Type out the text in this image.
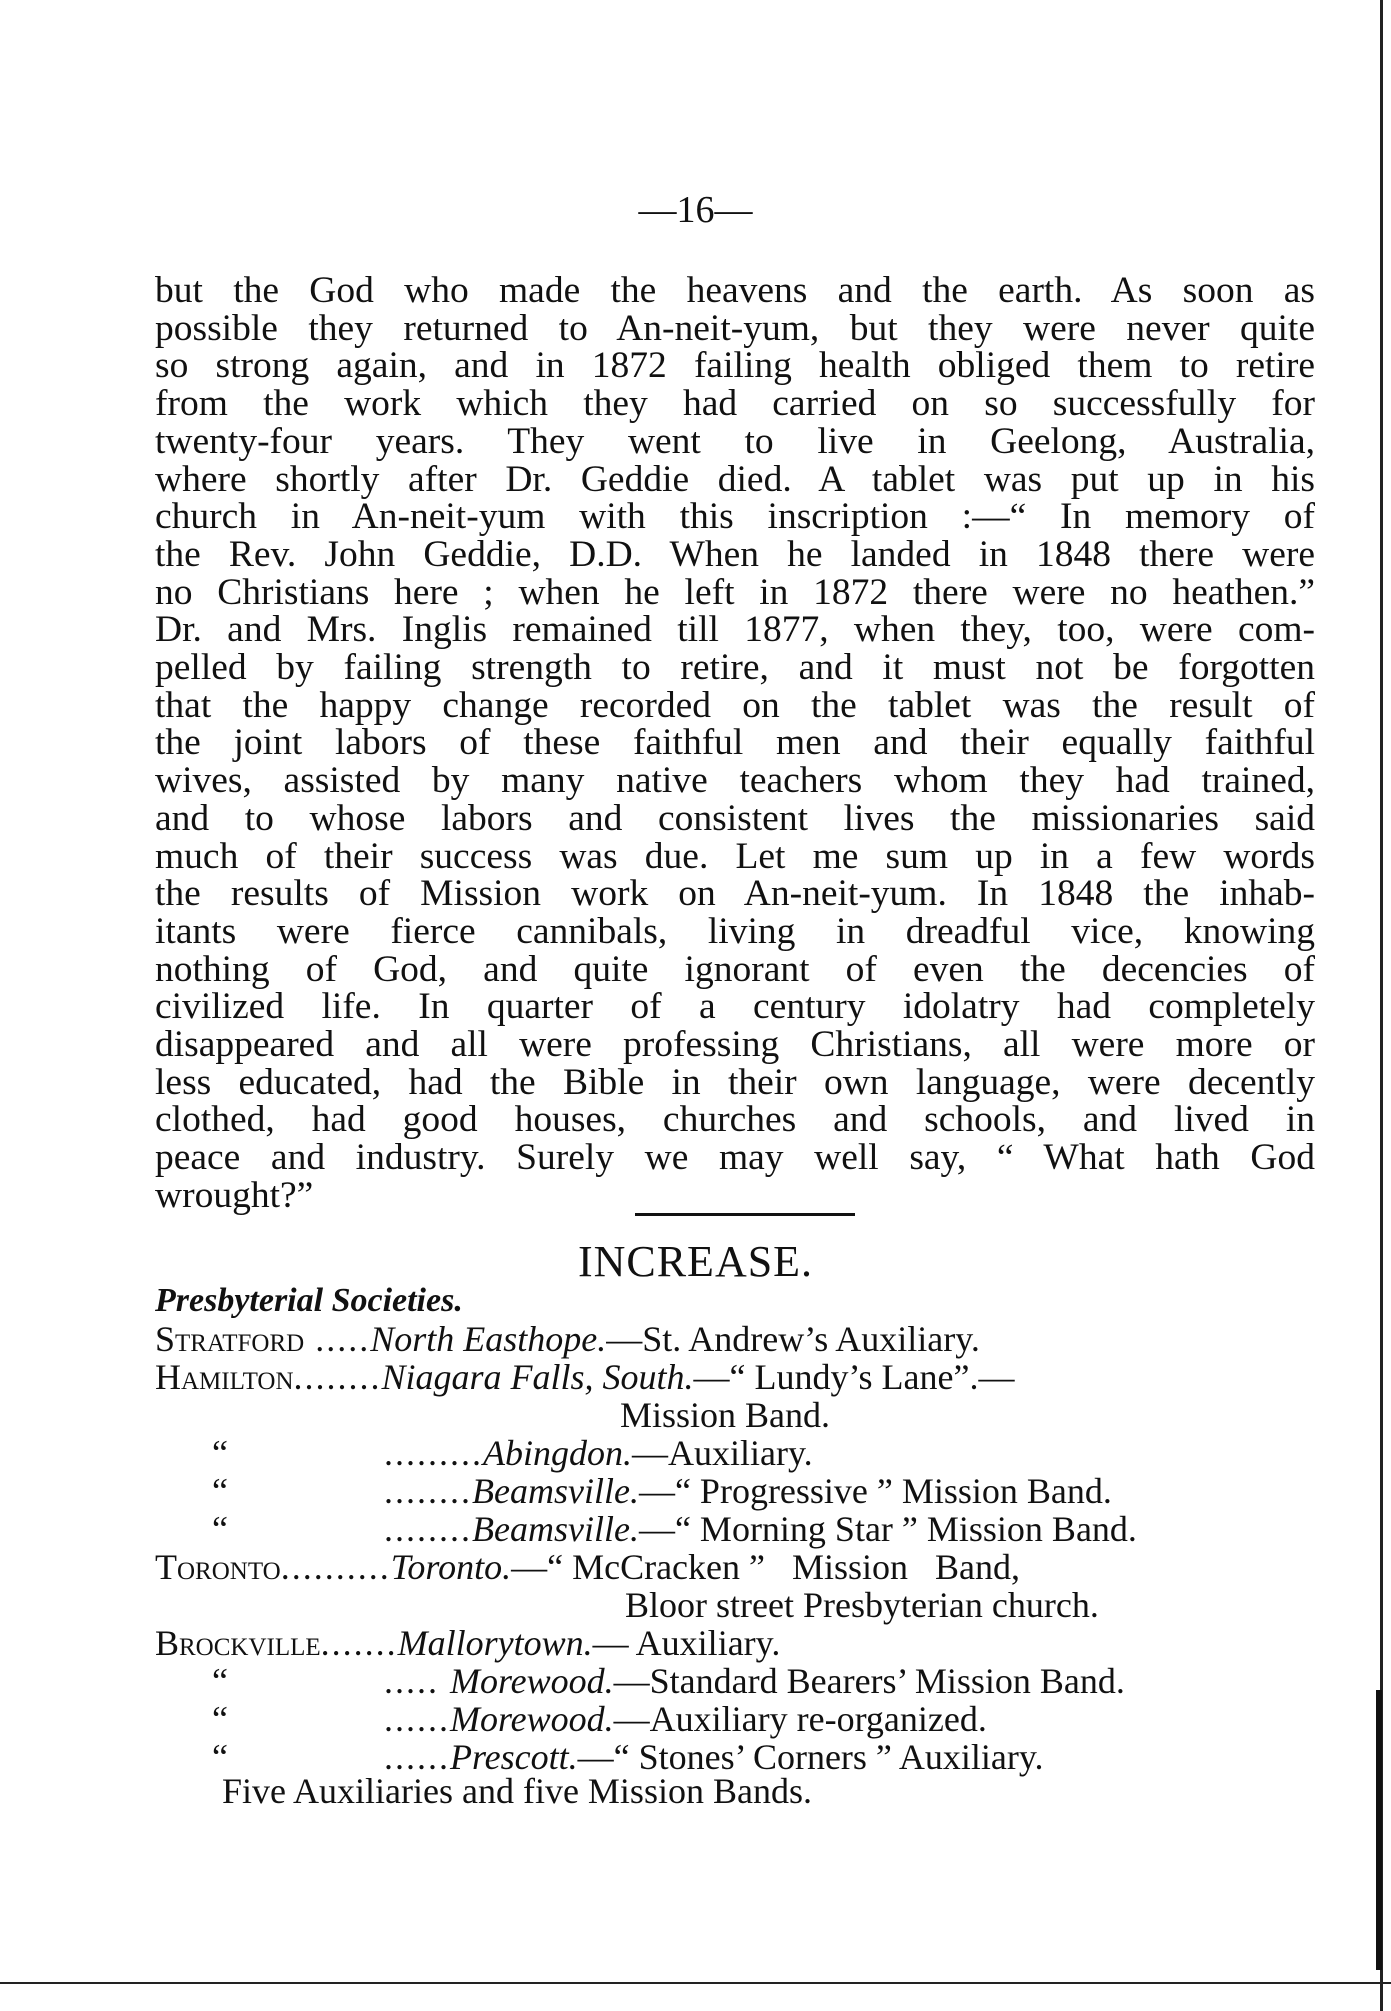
—16—
but the God who made the heavens and the earth. As soon as
possible they returned to An-neit-yum, but they were never quite
so strong again, and in 1872 failing health obliged them to retire
from the work which they had carried on so successfully for
twenty-four years. They went to live in Geelong, Australia,
where shortly after Dr. Geddie died. A tablet was put up in his
church in An-neit-yum with this inscription :—“ In memory of
the Rev. John Geddie, D.D. When he landed in 1848 there were
no Christians here ; when he left in 1872 there were no heathen.”
Dr. and Mrs. Inglis remained till 1877, when they, too, were com-
pelled by failing strength to retire, and it must not be forgotten
that the happy change recorded on the tablet was the result of
the joint labors of these faithful men and their equally faithful
wives, assisted by many native teachers whom they had trained,
and to whose labors and consistent lives the missionaries said
much of their success was due. Let me sum up in a few words
the results of Mission work on An-neit-yum. In 1848 the inhab-
itants were fierce cannibals, living in dreadful vice, knowing
nothing of God, and quite ignorant of even the decencies of
civilized life. In quarter of a century idolatry had completely
disappeared and all were professing Christians, all were more or
less educated, had the Bible in their own language, were decently
clothed, had good houses, churches and schools, and lived in
peace and industry. Surely we may well say, “ What hath God
wrought?”
INCREASE.
Presbyterial Societies.
Stratford .....North Easthope.—St. Andrew’s Auxiliary.
Hamilton........Niagara Falls, South.—“ Lundy’s Lane”.—
Mission Band.
“         .........Abingdon.—Auxiliary.
“         ........Beamsville.—“ Progressive ” Mission Band.
“         ........Beamsville.—“ Morning Star ” Mission Band.
Toronto..........Toronto.—“ McCracken ”   Mission   Band,
Bloor street Presbyterian church.
Brockville.......Mallorytown.— Auxiliary.
“         ..... Morewood.—Standard Bearers’ Mission Band.
“         ......Morewood.—Auxiliary re-organized.
“         ......Prescott.—“ Stones’ Corners ” Auxiliary.
Five Auxiliaries and five Mission Bands.
